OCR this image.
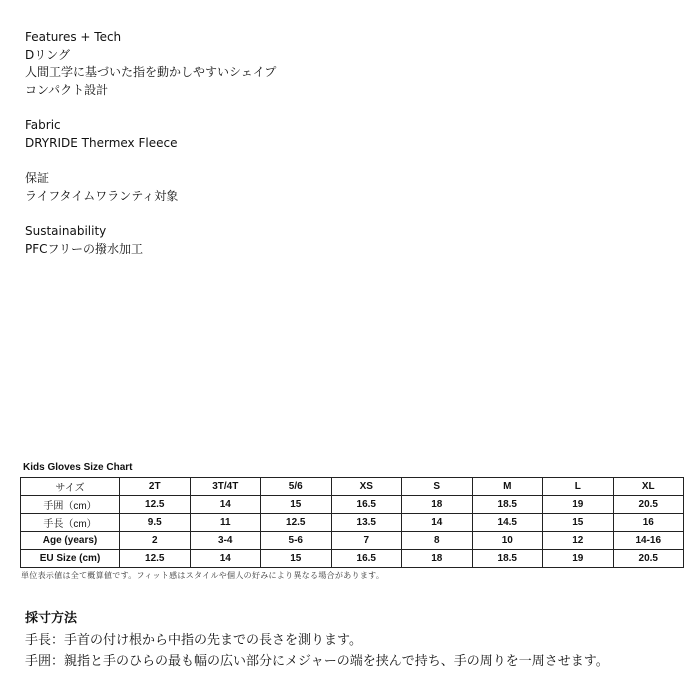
Features + Tech
Dリング
人間工学に基づいた指を動かしやすいシェイプ
コンパクト設計
Fabric
DRYRIDE Thermex Fleece
保証
ライフタイムワランティ対象
Sustainability
PFCフリーの撥水加工
Kids Gloves Size Chart
サイズ	2T	3T/4T	5/6	XS	S	M	L	XL
手囲（cm）	12.5	14	15	16.5	18	18.5	19	20.5
手長（cm）	9.5	11	12.5	13.5	14	14.5	15	16
Age (years)	2	3-4	5-6	7	8	10	12	14-16
EU Size (cm)	12.5	14	15	16.5	18	18.5	19	20.5
単位表示値は全て概算値です。フィット感はスタイルや個人の好みにより異なる場合があります。
採寸方法
手長：手首の付け根から中指の先までの長さを測ります。
手囲：親指と手のひらの最も幅の広い部分にメジャーの端を挟んで持ち、手の周りを一周させます。
